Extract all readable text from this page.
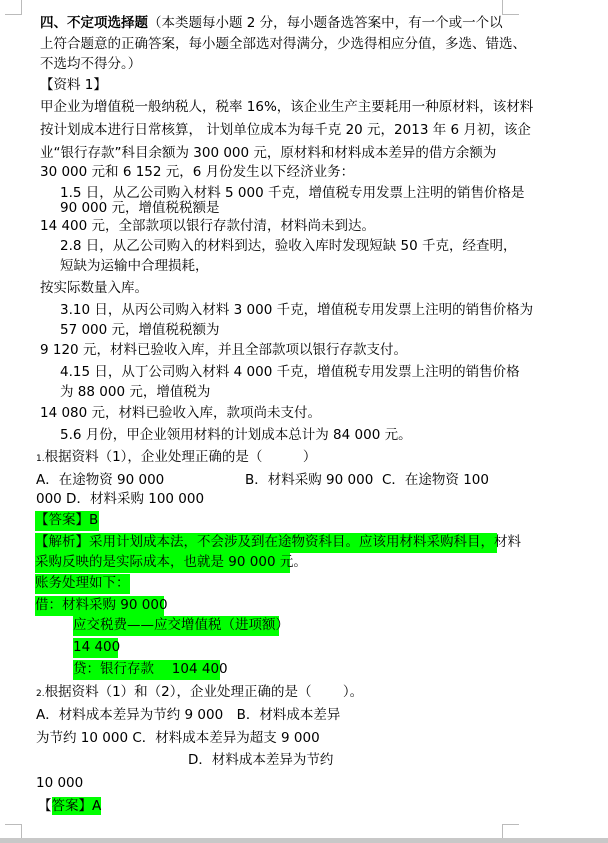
四、不定项选择题（本类题每小题 2 分，每小题备选答案中，有一个或一个以
上符合题意的正确答案，每小题全部选对得满分，少选得相应分值，多选、错选、
不选均不得分。）
【资料 1】
甲企业为增值税一般纳税人，税率 16%，该企业生产主要耗用一种原材料，该材料
按计划成本进行日常核算， 计划单位成本为每千克 20 元，2013 年 6 月初，该企
业“银行存款”科目余额为 300 000 元，原材料和材料成本差异的借方余额为
30 000 元和 6 152 元，6 月份发生以下经济业务：
1.5 日，从乙公司购入材料 5 000 千克，增值税专用发票上注明的销售价格是
90 000 元，增值税税额是
14 400 元，全部款项以银行存款付清，材料尚未到达。
2.8 日，从乙公司购入的材料到达，验收入库时发现短缺 50 千克，经查明，
短缺为运输中合理损耗，
按实际数量入库。
3.10 日，从丙公司购入材料 3 000 千克，增值税专用发票上注明的销售价格为
57 000 元，增值税税额为
9 120 元，材料已验收入库，并且全部款项以银行存款支付。
4.15 日，从丁公司购入材料 4 000 千克，增值税专用发票上注明的销售价格
为 88 000 元，增值税为
14 080 元，材料已验收入库，款项尚未支付。
5.6 月份，甲企业领用材料的计划成本总计为 84 000 元。
1.根据资料（1），企业处理正确的是（　　　）
A．在途物资 90 000	B．材料采购 90 000 C．在途物资 100
000 D．材料采购 100 000
【答案】B
【解析】采用计划成本法，不会涉及到在途物资科目。应该用材料采购科目，材料
采购反映的是实际成本，也就是 90 000 元。
账务处理如下：
借：材料采购 90 000
应交税费——应交增值税（进项额）
14 400
贷：银行存款　 104 400
2.根据资料（1）和（2），企业处理正确的是（　　 ）。
A．材料成本差异为节约 9 000　B．材料成本差异
为节约 10 000 C．材料成本差异为超支 9 000
D．材料成本差异为节约
10 000
【答案】A
